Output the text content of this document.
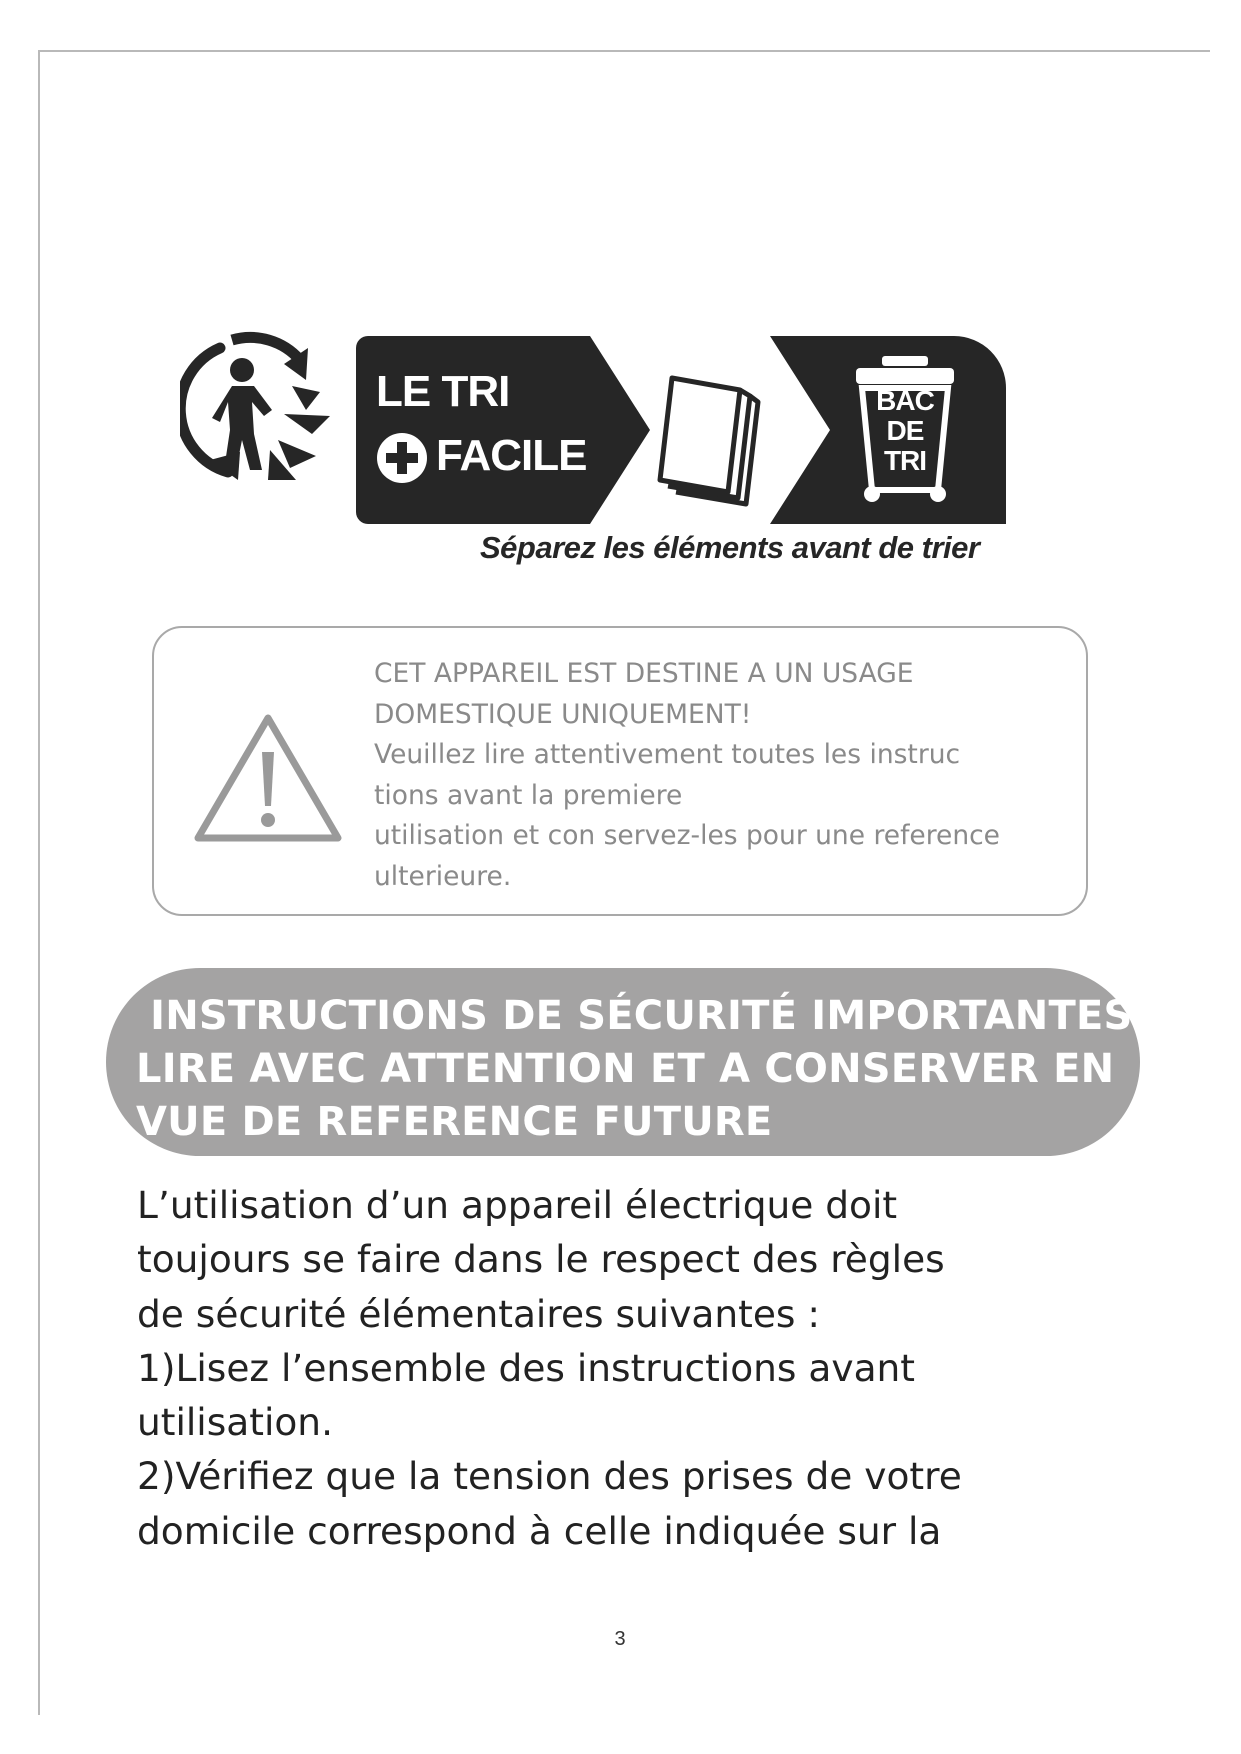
LE TRI
FACILE
BAC
DE
TRI
Séparez les éléments avant de trier
CET APPAREIL EST DESTINE A UN USAGE
DOMESTIQUE UNIQUEMENT!
Veuillez lire attentivement toutes les instruc
tions avant la premiere
utilisation et con servez-les pour une reference
ulterieure.
INSTRUCTIONS DE SÉCURITÉ IMPORTANTES
LIRE AVEC ATTENTION ET A CONSERVER EN
VUE DE REFERENCE FUTURE
L’utilisation d’un appareil électrique doit
toujours se faire dans le respect des règles
de sécurité élémentaires suivantes :
1)Lisez l’ensemble des instructions avant
utilisation.
2)Vérifiez que la tension des prises de votre
domicile correspond à celle indiquée sur la
3
